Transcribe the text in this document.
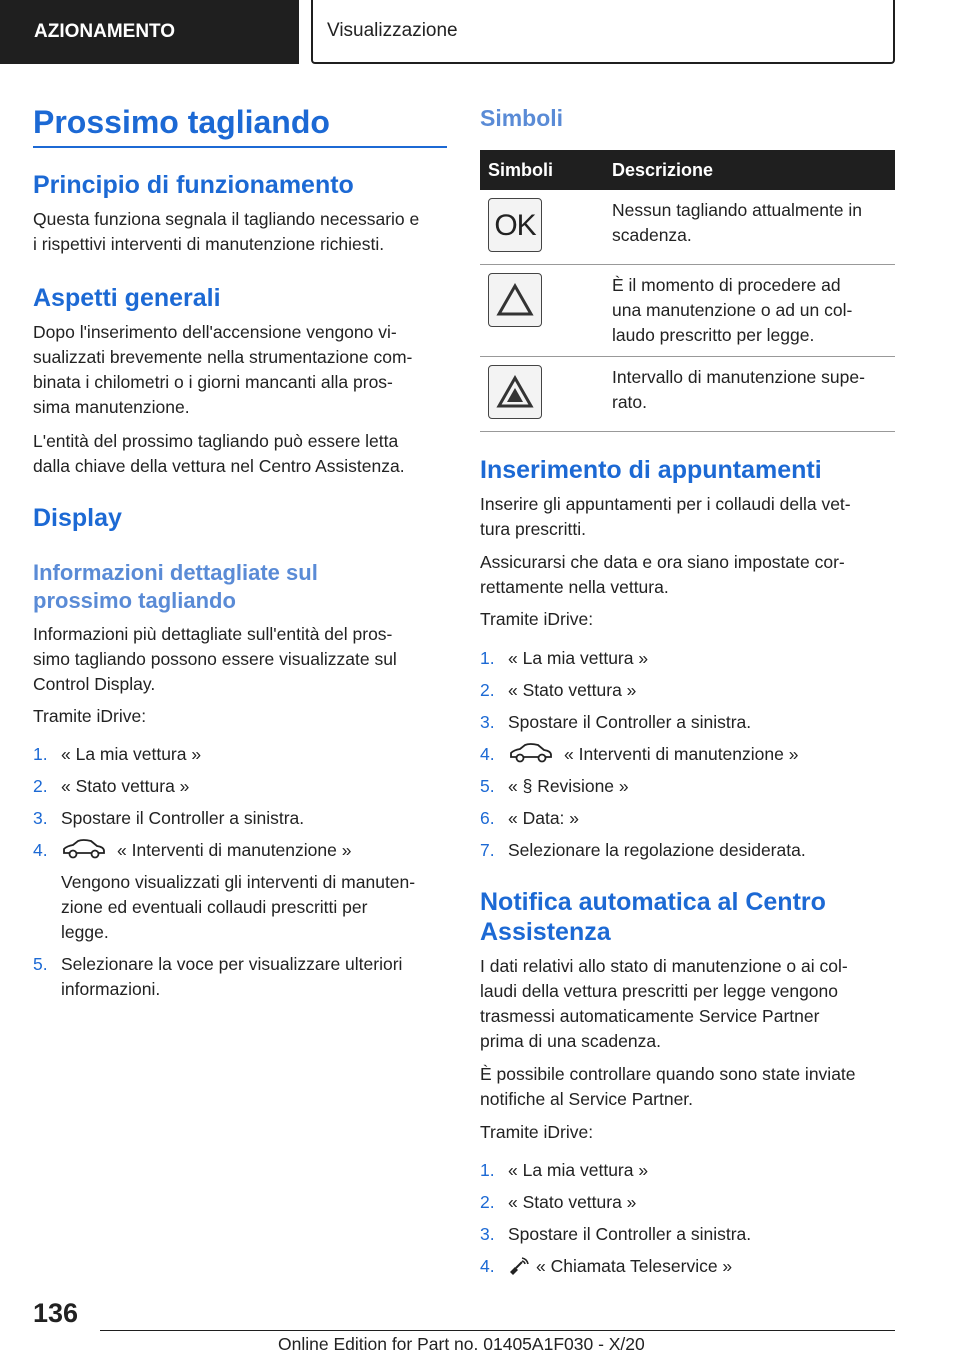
AZIONAMENTO	Visualizzazione
Prossimo tagliando
Principio di funzionamento

Questa funziona segnala il tagliando necessario e

i rispettivi interventi di manutenzione richiesti.

Aspetti generali

Dopo l'inserimento dell'accensione vengono vi-

sualizzati brevemente nella strumentazione com-

binata i chilometri o i giorni mancanti alla pros-

sima manutenzione.

L'entità del prossimo tagliando può essere letta

dalla chiave della vettura nel Centro Assistenza.

Display
Informazioni dettagliate sul
prossimo tagliando

Informazioni più dettagliate sull'entità del pros-

simo tagliando possono essere visualizzate sul

Control Display.

Tramite iDrive:

1. « La mia vettura »
2. « Stato vettura »
3. Spostare il Controller a sinistra.
4.	« Interventi di manutenzione »

Vengono visualizzati gli interventi di manuten-

zione ed eventuali collaudi prescritti per

legge.

5. Selezionare la voce per visualizzare ulteriori

informazioni.

Simboli
Simboli	Descrizione

OK	Nessun tagliando attualmente in
scadenza.

È il momento di procedere ad
una manutenzione o ad un col-
laudo prescritto per legge.

Intervallo di manutenzione supe-
rato.
Inserimento di appuntamenti

Inserire gli appuntamenti per i collaudi della vet-

tura prescritti.

Assicurarsi che data e ora siano impostate cor-

rettamente nella vettura.

Tramite iDrive:

1. « La mia vettura »
2. « Stato vettura »
3. Spostare il Controller a sinistra.
4.	« Interventi di manutenzione »
5. « § Revisione »
6. « Data: »
7. Selezionare la regolazione desiderata.
Notifica automatica al Centro
Assistenza

I dati relativi allo stato di manutenzione o ai col-

laudi della vettura prescritti per legge vengono

trasmessi automaticamente Service Partner

prima di una scadenza.

È possibile controllare quando sono state inviate

notifiche al Service Partner.

Tramite iDrive:

1. « La mia vettura »
2. « Stato vettura »
3. Spostare il Controller a sinistra.
4. « Chiamata Teleservice »
136
Online Edition for Part no. 01405A1F030 - X/20
